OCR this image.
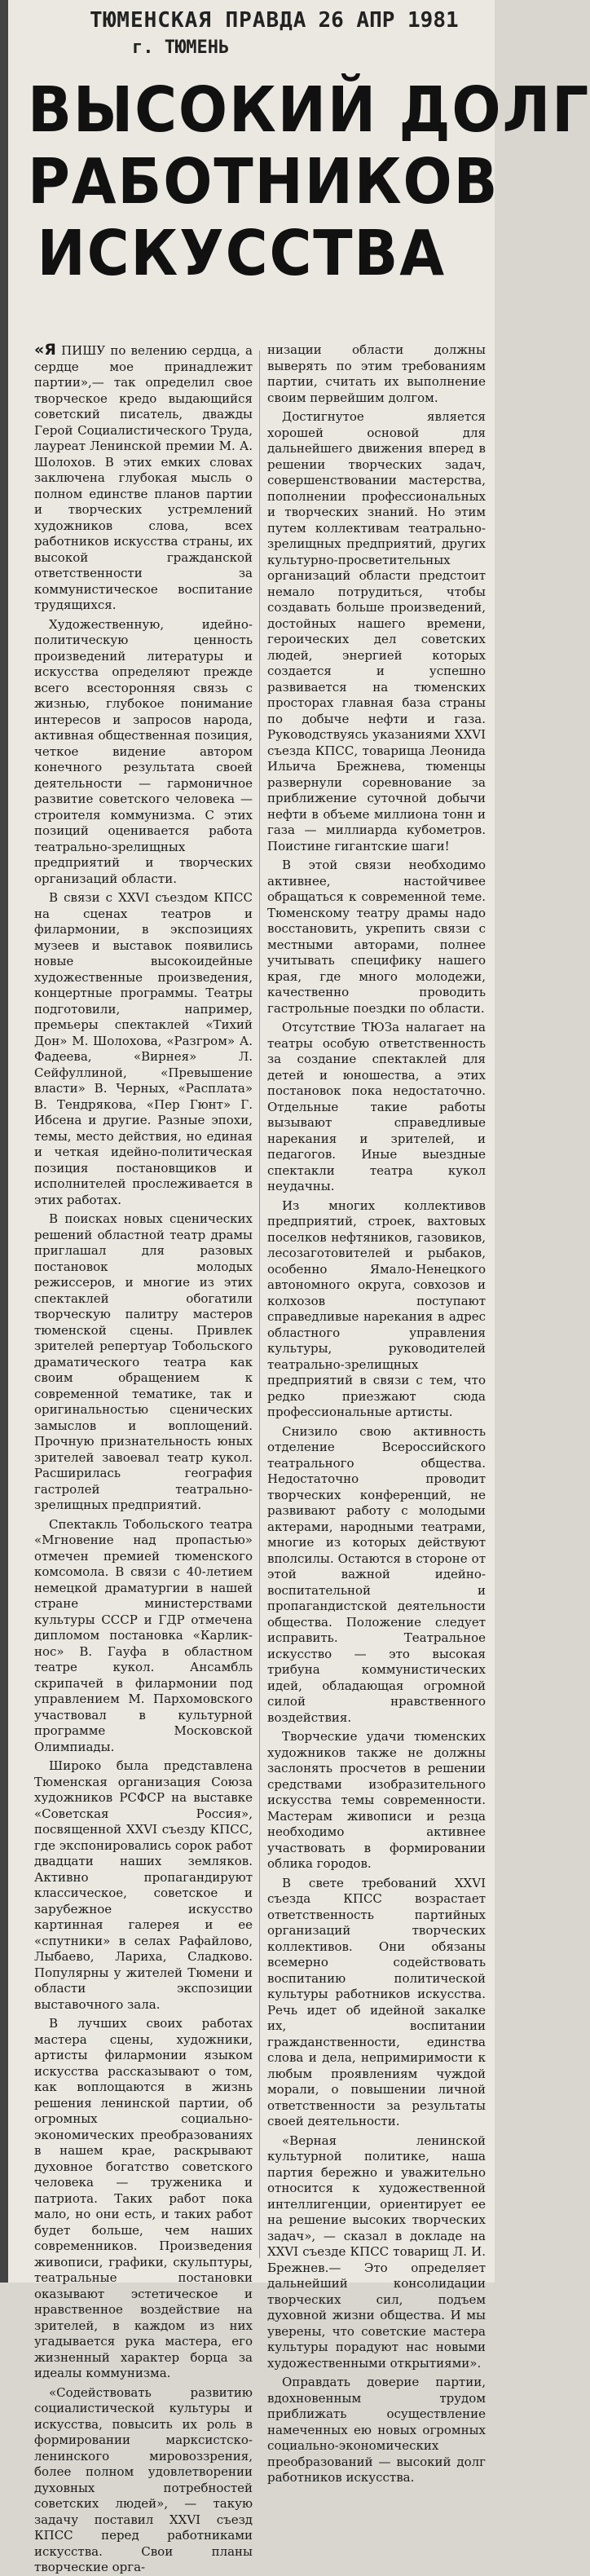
ТЮМЕНСКАЯ ПРАВДА 26 АПР 1981
г. ТЮМЕНЬ
ВЫСОКИЙ ДОЛГ
РАБОТНИКОВ
ИСКУССТВА

«Я ПИШУ по велению сердца, а сердце мое принадлежит партии»,— так определил свое творческое кредо выдающийся советский писатель, дважды Герой Социалистического Труда, лауреат Ленинской премии М. А. Шолохов. В этих емких словах заключена глубокая мысль о полном единстве планов партии и творческих устремлений художников слова, всех работников искусства страны, их высокой гражданской ответственности за коммунистическое воспитание трудящихся.

Художественную, идейно-политическую ценность произведений литературы и искусства определяют прежде всего всесторонняя связь с жизнью, глубокое понимание интересов и запросов народа, активная общественная позиция, четкое видение автором конечного результата своей деятельности — гармоничное развитие советского человека — строителя коммунизма. С этих позиций оценивается работа театрально-зрелищных предприятий и творческих организаций области.

В связи с XXVI съездом КПСС на сценах театров и филармонии, в экспозициях музеев и выставок появились новые высокоидейные художественные произведения, концертные программы. Театры подготовили, например, премьеры спектаклей «Тихий Дон» М. Шолохова, «Разгром» А. Фадеева, «Вирнея» Л. Сейфуллиной, «Превышение власти» В. Черных, «Расплата» В. Тендрякова, «Пер Гюнт» Г. Ибсена и другие. Разные эпохи, темы, место действия, но единая и четкая идейно-политическая позиция постановщиков и исполнителей прослеживается в этих работах.

В поисках новых сценических решений областной театр драмы приглашал для разовых постановок молодых режиссеров, и многие из этих спектаклей обогатили творческую палитру мастеров тюменской сцены. Привлек зрителей репертуар Тобольского драматического театра как своим обращением к современной тематике, так и оригинальностью сценических замыслов и воплощений. Прочную признательность юных зрителей завоевал театр кукол. Расширилась география гастролей театрально-зрелищных предприятий.

Спектакль Тобольского театра «Мгновение над пропастью» отмечен премией тюменского комсомола. В связи с 40-летием немецкой драматургии в нашей стране министерствами культуры СССР и ГДР отмечена дипломом постановка «Карлик-нос» В. Гауфа в областном театре кукол. Ансамбль скрипачей в филармонии под управлением М. Пархомовского участвовал в культурной программе Московской Олимпиады.

Широко была представлена Тюменская организация Союза художников РСФСР на выставке «Советская Россия», посвященной XXVI съезду КПСС, где экспонировались сорок работ двадцати наших земляков. Активно пропагандируют классическое, советское и зарубежное искусство картинная галерея и ее «спутники» в селах Рафайлово, Лыбаево, Лариха, Сладково. Популярны у жителей Тюмени и области экспозиции выставочного зала.

В лучших своих работах мастера сцены, художники, артисты филармонии языком искусства рассказывают о том, как воплощаются в жизнь решения ленинской партии, об огромных социально-экономических преобразованиях в нашем крае, раскрывают духовное богатство советского человека — труженика и патриота. Таких работ пока мало, но они есть, и таких работ будет больше, чем наших современников. Произведения живописи, графики, скульптуры, театральные постановки оказывают эстетическое и нравственное воздействие на зрителей, в каждом из них угадывается рука мастера, его жизненный характер борца за идеалы коммунизма.

«Содействовать развитию социалистической культуры и искусства, повысить их роль в формировании марксистско-ленинского мировоззрения, более полном удовлетворении духовных потребностей советских людей», — такую задачу поставил XXVI съезд КПСС перед работниками искусства. Свои планы творческие орга-

низации области должны выверять по этим требованиям партии, считать их выполнение своим первейшим долгом.

Достигнутое является хорошей основой для дальнейшего движения вперед в решении творческих задач, совершенствовании мастерства, пополнении профессиональных и творческих знаний. Но этим путем коллективам театрально-зрелищных предприятий, других культурно-просветительных организаций области предстоит немало потрудиться, чтобы создавать больше произведений, достойных нашего времени, героических дел советских людей, энергией которых создается и успешно развивается на тюменских просторах главная база страны по добыче нефти и газа. Руководствуясь указаниями XXVI съезда КПСС, товарища Леонида Ильича Брежнева, тюменцы развернули соревнование за приближение суточной добычи нефти в объеме миллиона тонн и газа — миллиарда кубометров. Поистине гигантские шаги!

В этой связи необходимо активнее, настойчивее обращаться к современной теме. Тюменскому театру драмы надо восстановить, укрепить связи с местными авторами, полнее учитывать специфику нашего края, где много молодежи, качественно проводить гастрольные поездки по области.

Отсутствие ТЮЗа налагает на театры особую ответственность за создание спектаклей для детей и юношества, а этих постановок пока недостаточно. Отдельные такие работы вызывают справедливые нарекания и зрителей, и педагогов. Иные выездные спектакли театра кукол неудачны.

Из многих коллективов предприятий, строек, вахтовых поселков нефтяников, газовиков, лесозаготовителей и рыбаков, особенно Ямало-Ненецкого автономного округа, совхозов и колхозов поступают справедливые нарекания в адрес областного управления культуры, руководителей театрально-зрелищных предприятий в связи с тем, что редко приезжают сюда профессиональные артисты.

Снизило свою активность отделение Всероссийского театрального общества. Недостаточно проводит творческих конференций, не развивают работу с молодыми актерами, народными театрами, многие из которых действуют вполсилы. Остаются в стороне от этой важной идейно-воспитательной и пропагандистской деятельности общества. Положение следует исправить. Театральное искусство — это высокая трибуна коммунистических идей, обладающая огромной силой нравственного воздействия.

Творческие удачи тюменских художников также не должны заслонять просчетов в решении средствами изобразительного искусства темы современности. Мастерам живописи и резца необходимо активнее участвовать в формировании облика городов.

В свете требований XXVI съезда КПСС возрастает ответственность партийных организаций творческих коллективов. Они обязаны всемерно содействовать воспитанию политической культуры работников искусства. Речь идет об идейной закалке их, воспитании гражданственности, единства слова и дела, непримиримости к любым проявлениям чуждой морали, о повышении личной ответственности за результаты своей деятельности.

«Верная ленинской культурной политике, наша партия бережно и уважительно относится к художественной интеллигенции, ориентирует ее на решение высоких творческих задач», — сказал в докладе на XXVI съезде КПСС товарищ Л. И. Брежнев.— Это определяет дальнейший консолидации творческих сил, подъем духовной жизни общества. И мы уверены, что советские мастера культуры порадуют нас новыми художественными открытиями».

Оправдать доверие партии, вдохновенным трудом приближать осуществление намеченных ею новых огромных социально-экономических преобразований — высокий долг работников искусства.
